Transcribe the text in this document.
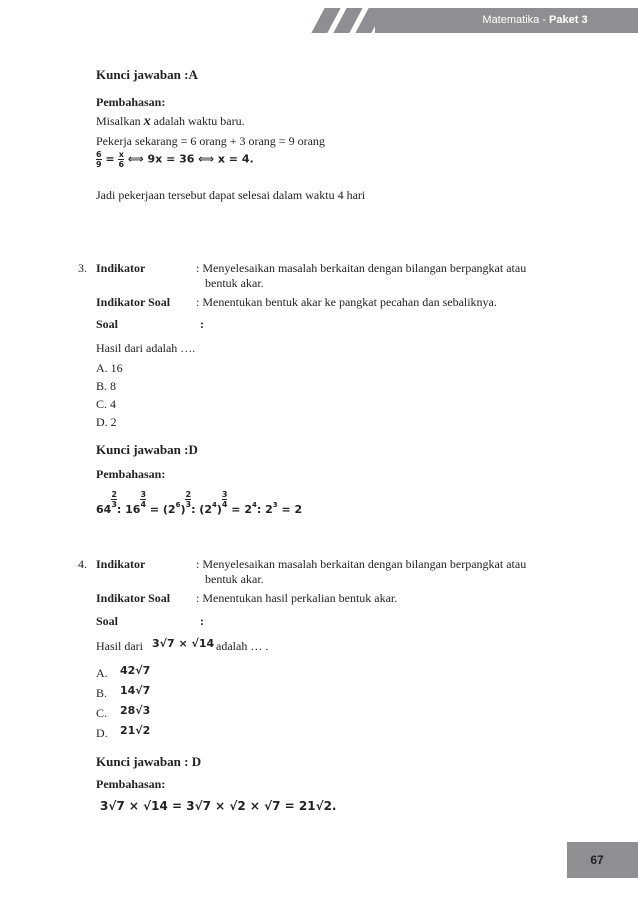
Matematika - Paket 3
Kunci jawaban :A
Pembahasan:
Misalkan x adalah waktu baru.
Pekerja sekarang = 6 orang + 3 orang = 9 orang
$\frac{6}{9} = \frac{x}{6}$ ⟺ 9x = 36 ⟺ x = 4.
Jadi pekerjaan tersebut dapat selesai dalam waktu 4 hari
3. Indikator	: Menyelesaikan masalah berkaitan dengan bilangan berpangkat atau
bentuk akar.
Indikator Soal : Menentukan bentuk akar ke pangkat pecahan dan sebaliknya.
Soal	:
Hasil dari adalah ….
A. 16
B. 8
C. 4
D. 2
Kunci jawaban :D
Pembahasan:
64
$\frac{2}{3}$
: 16
$\frac{3}{4}$
= $(2^6)$
$\frac{2}{3}$
: $(2^4)$
$\frac{3}{4}$
= $2^4$: $2^3 = 2$
4. Indikator	: Menyelesaikan masalah berkaitan dengan bilangan berpangkat atau
bentuk akar.
Indikator Soal : Menentukan hasil perkalian bentuk akar.
Soal	:
Hasil dari 3√7 × √14 adalah … .
A. 42√7
B. 14√7
C. 28√3
D. 21√2
Kunci jawaban : D
Pembahasan:
3√7 × √14 = 3√7 × √2 × √7 = 21√2.
67
